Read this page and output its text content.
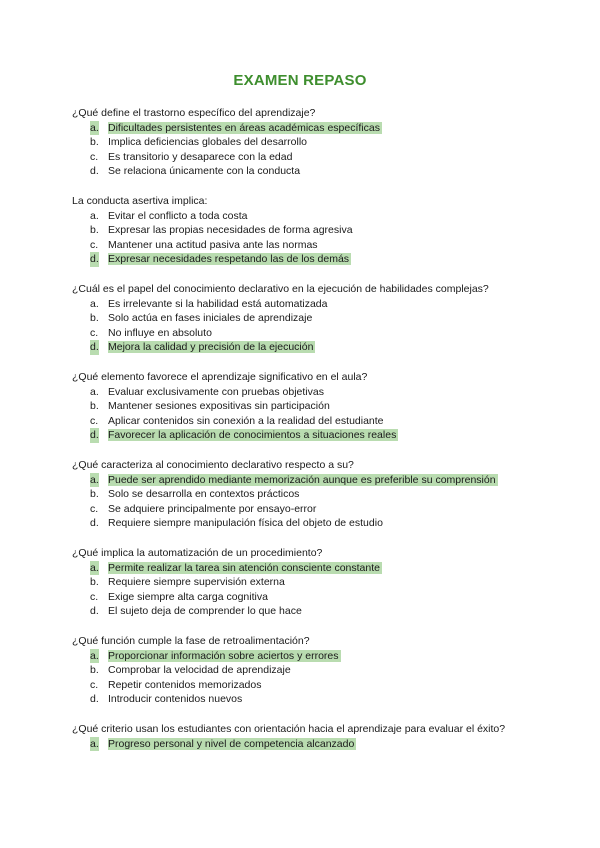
EXAMEN REPASO
¿Qué define el trastorno específico del aprendizaje?
a. Dificultades persistentes en áreas académicas específicas
b. Implica deficiencias globales del desarrollo
c. Es transitorio y desaparece con la edad
d. Se relaciona únicamente con la conducta
La conducta asertiva implica:
a. Evitar el conflicto a toda costa
b. Expresar las propias necesidades de forma agresiva
c. Mantener una actitud pasiva ante las normas
d. Expresar necesidades respetando las de los demás
¿Cuál es el papel del conocimiento declarativo en la ejecución de habilidades complejas?
a. Es irrelevante si la habilidad está automatizada
b. Solo actúa en fases iniciales de aprendizaje
c. No influye en absoluto
d. Mejora la calidad y precisión de la ejecución
¿Qué elemento favorece el aprendizaje significativo en el aula?
a. Evaluar exclusivamente con pruebas objetivas
b. Mantener sesiones expositivas sin participación
c. Aplicar contenidos sin conexión a la realidad del estudiante
d. Favorecer la aplicación de conocimientos a situaciones reales
¿Qué caracteriza al conocimiento declarativo respecto a su?
a. Puede ser aprendido mediante memorización aunque es preferible su comprensión
b. Solo se desarrolla en contextos prácticos
c. Se adquiere principalmente por ensayo-error
d. Requiere siempre manipulación física del objeto de estudio
¿Qué implica la automatización de un procedimiento?
a. Permite realizar la tarea sin atención consciente constante
b. Requiere siempre supervisión externa
c. Exige siempre alta carga cognitiva
d. El sujeto deja de comprender lo que hace
¿Qué función cumple la fase de retroalimentación?
a. Proporcionar información sobre aciertos y errores
b. Comprobar la velocidad de aprendizaje
c. Repetir contenidos memorizados
d. Introducir contenidos nuevos
¿Qué criterio usan los estudiantes con orientación hacia el aprendizaje para evaluar el éxito?
a. Progreso personal y nivel de competencia alcanzado
